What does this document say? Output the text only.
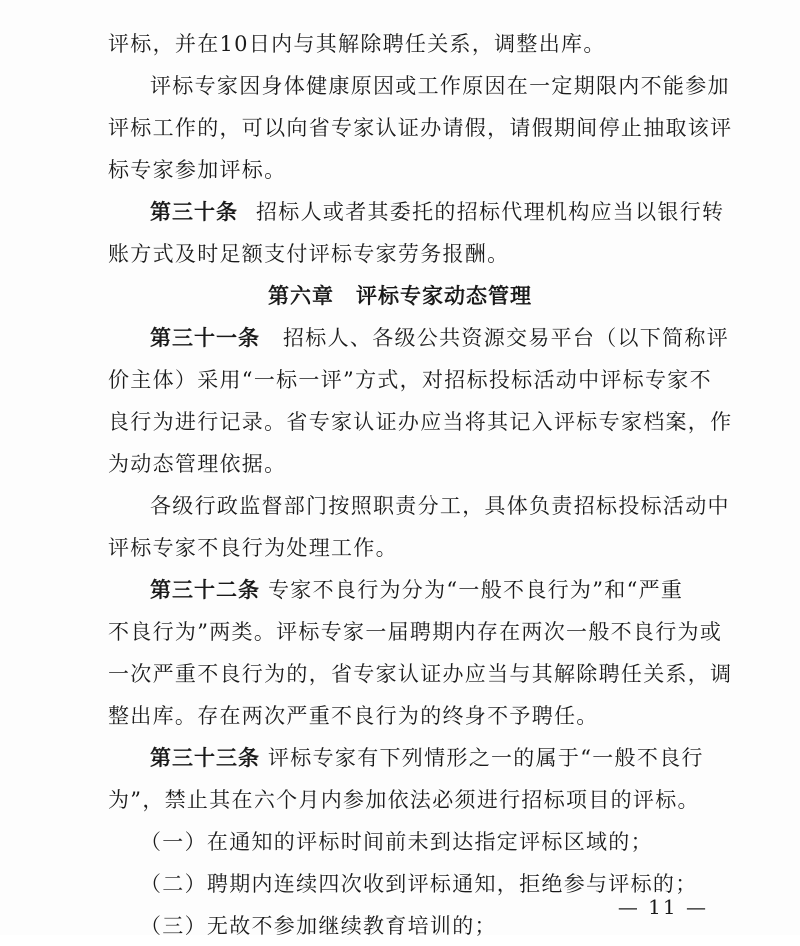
评标，并在10日内与其解除聘任关系，调整出库。
评标专家因身体健康原因或工作原因在一定期限内不能参加
评标工作的，可以向省专家认证办请假，请假期间停止抽取该评
标专家参加评标。
第三十条 招标人或者其委托的招标代理机构应当以银行转
账方式及时足额支付评标专家劳务报酬。
第六章　评标专家动态管理
第三十一条 招标人、各级公共资源交易平台（以下简称评
价主体）采用“一标一评”方式，对招标投标活动中评标专家不
良行为进行记录。省专家认证办应当将其记入评标专家档案，作
为动态管理依据。
各级行政监督部门按照职责分工，具体负责招标投标活动中
评标专家不良行为处理工作。
第三十二条 专家不良行为分为“一般不良行为”和“严重
不良行为”两类。评标专家一届聘期内存在两次一般不良行为或
一次严重不良行为的，省专家认证办应当与其解除聘任关系，调
整出库。存在两次严重不良行为的终身不予聘任。
第三十三条 评标专家有下列情形之一的属于“一般不良行
为”，禁止其在六个月内参加依法必须进行招标项目的评标。
（一）在通知的评标时间前未到达指定评标区域的；
（二）聘期内连续四次收到评标通知，拒绝参与评标的；
（三）无故不参加继续教育培训的；
— 11 —
